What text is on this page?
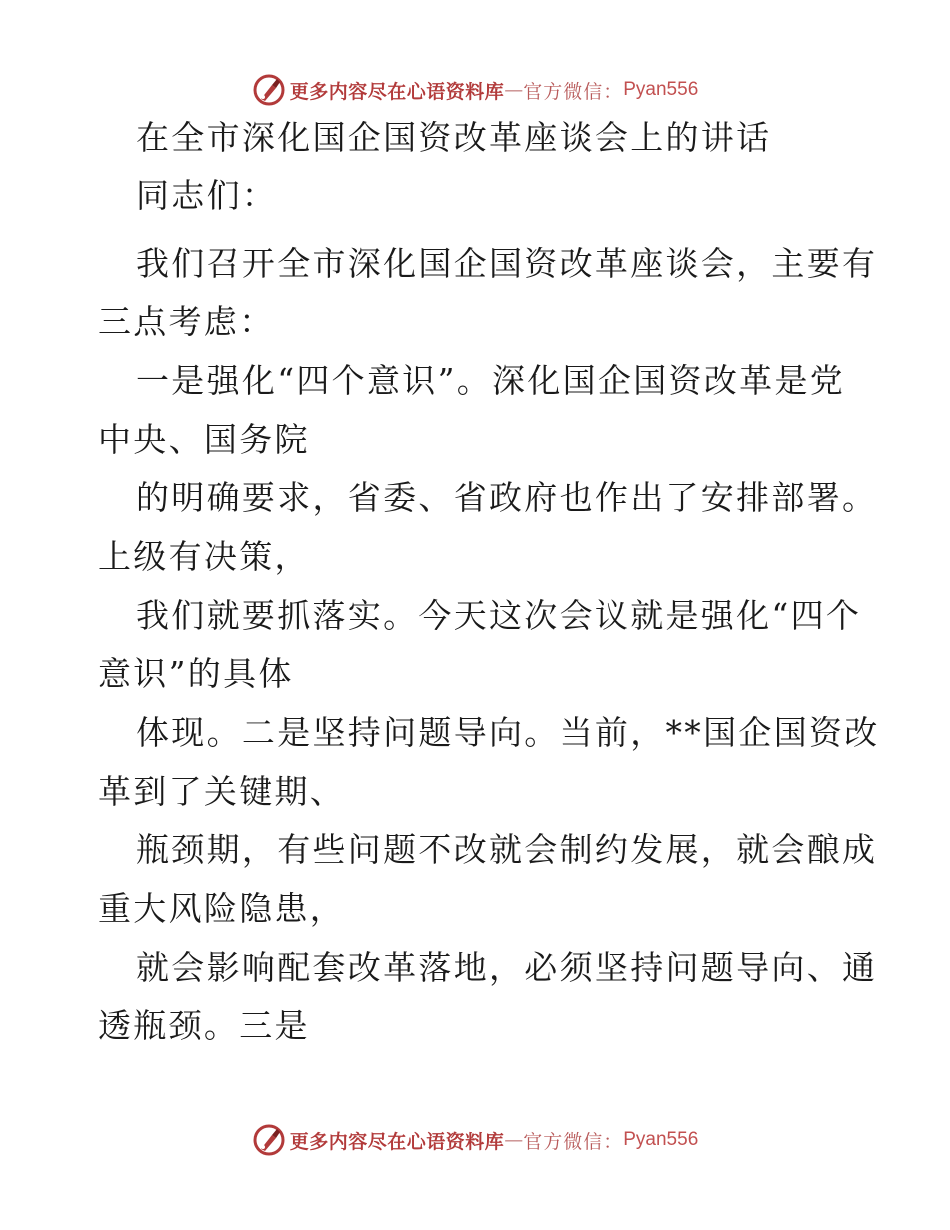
更多内容尽在心语资料库 — 官方微信： Pyan556
在全市深化国企国资改革座谈会上的讲话
同志们：
我们召开全市深化国企国资改革座谈会，主要有
三点考虑：
一是强化“四个意识”。深化国企国资改革是党
中央、国务院
的明确要求，省委、省政府也作出了安排部署。
上级有决策，
我们就要抓落实。今天这次会议就是强化“四个
意识”的具体
体现。二是坚持问题导向。当前，**国企国资改
革到了关键期、
瓶颈期，有些问题不改就会制约发展，就会酿成
重大风险隐患，
就会影响配套改革落地，必须坚持问题导向、通
透瓶颈。三是
更多内容尽在心语资料库 — 官方微信： Pyan556
